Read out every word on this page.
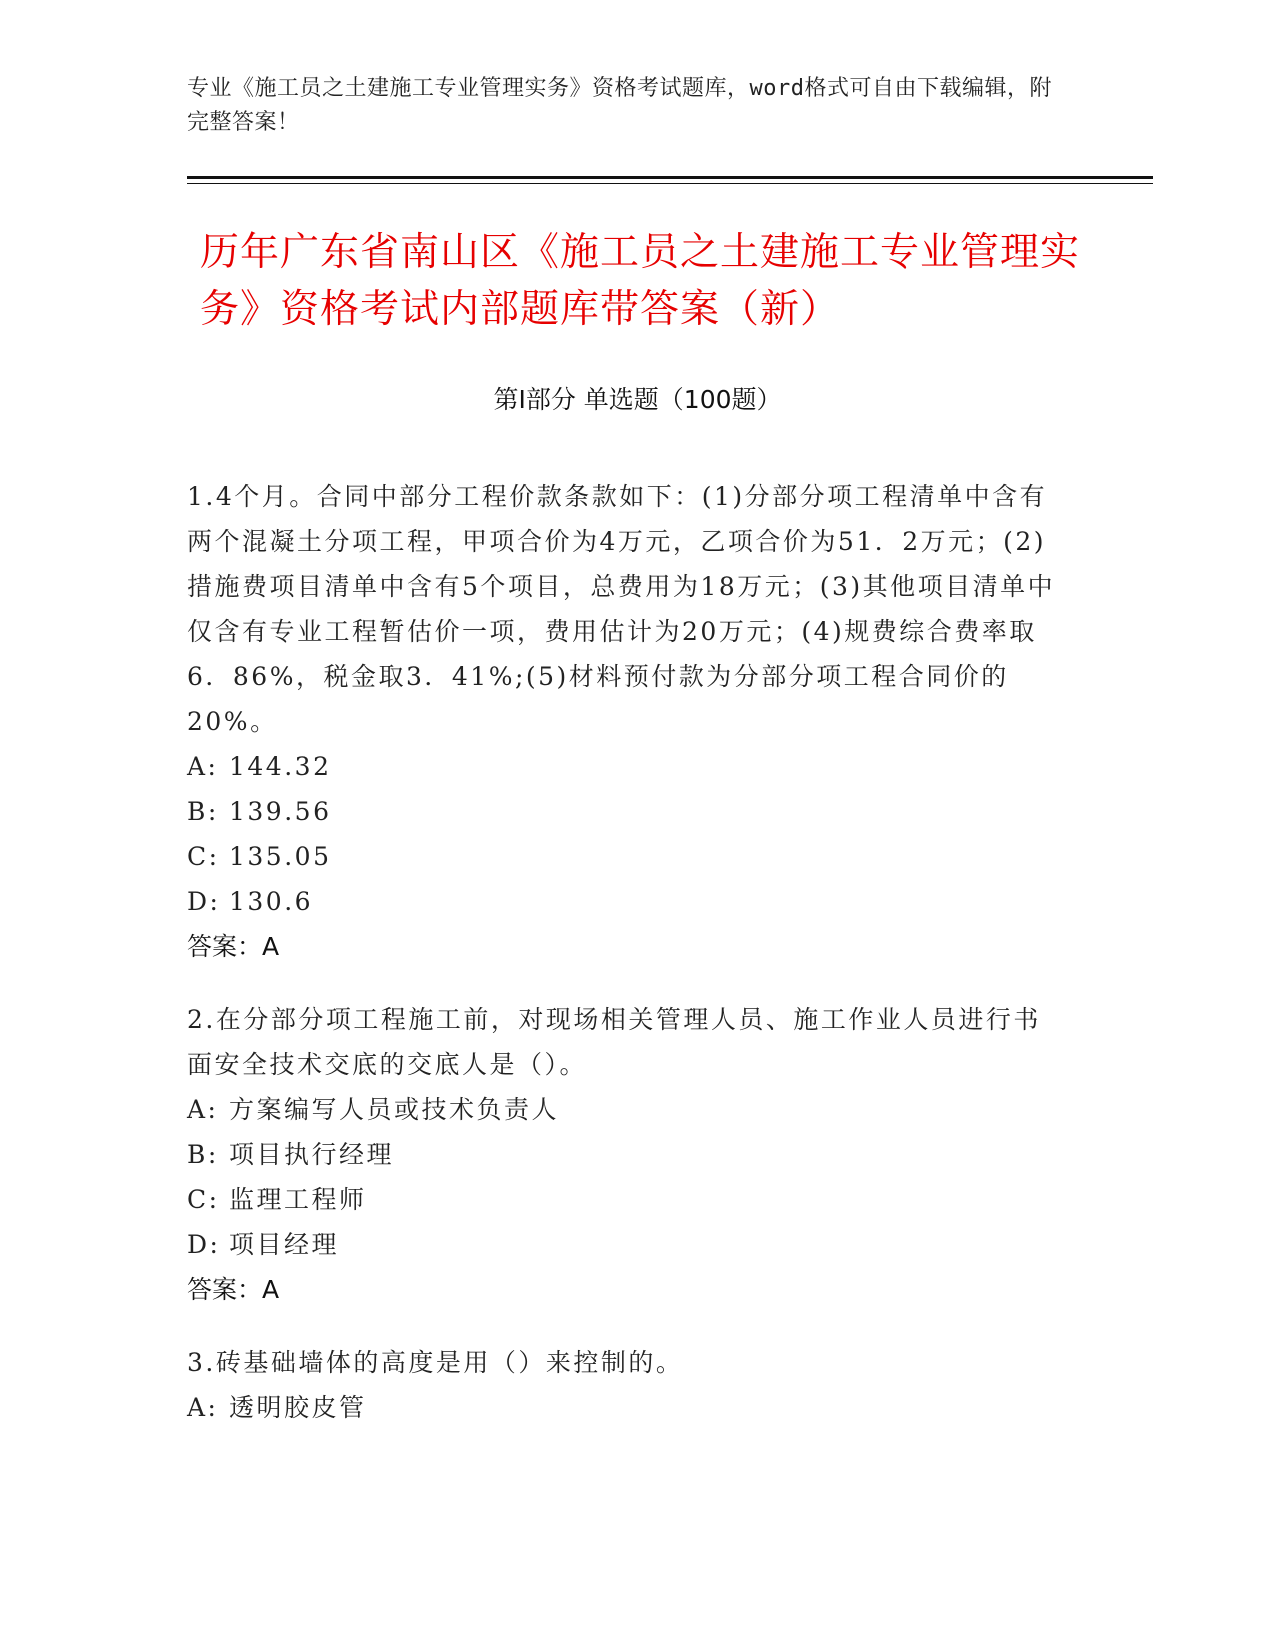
专业《施工员之土建施工专业管理实务》资格考试题库，word格式可自由下载编辑，附完整答案！
历年广东省南山区《施工员之土建施工专业管理实务》资格考试内部题库带答案（新）
第Ⅰ部分 单选题（100题）
1.4个月。合同中部分工程价款条款如下：(1)分部分项工程清单中含有两个混凝土分项工程，甲项合价为4万元，乙项合价为51．2万元；(2)措施费项目清单中含有5个项目，总费用为18万元；(3)其他项目清单中仅含有专业工程暂估价一项，费用估计为20万元；(4)规费综合费率取6．86%，税金取3．41%;(5)材料预付款为分部分项工程合同价的20%。
A: 144.32
B: 139.56
C: 135.05
D: 130.6
答案：A
2.在分部分项工程施工前，对现场相关管理人员、施工作业人员进行书面安全技术交底的交底人是（）。
A: 方案编写人员或技术负责人
B: 项目执行经理
C: 监理工程师
D: 项目经理
答案：A
3.砖基础墙体的高度是用（）来控制的。
A: 透明胶皮管
